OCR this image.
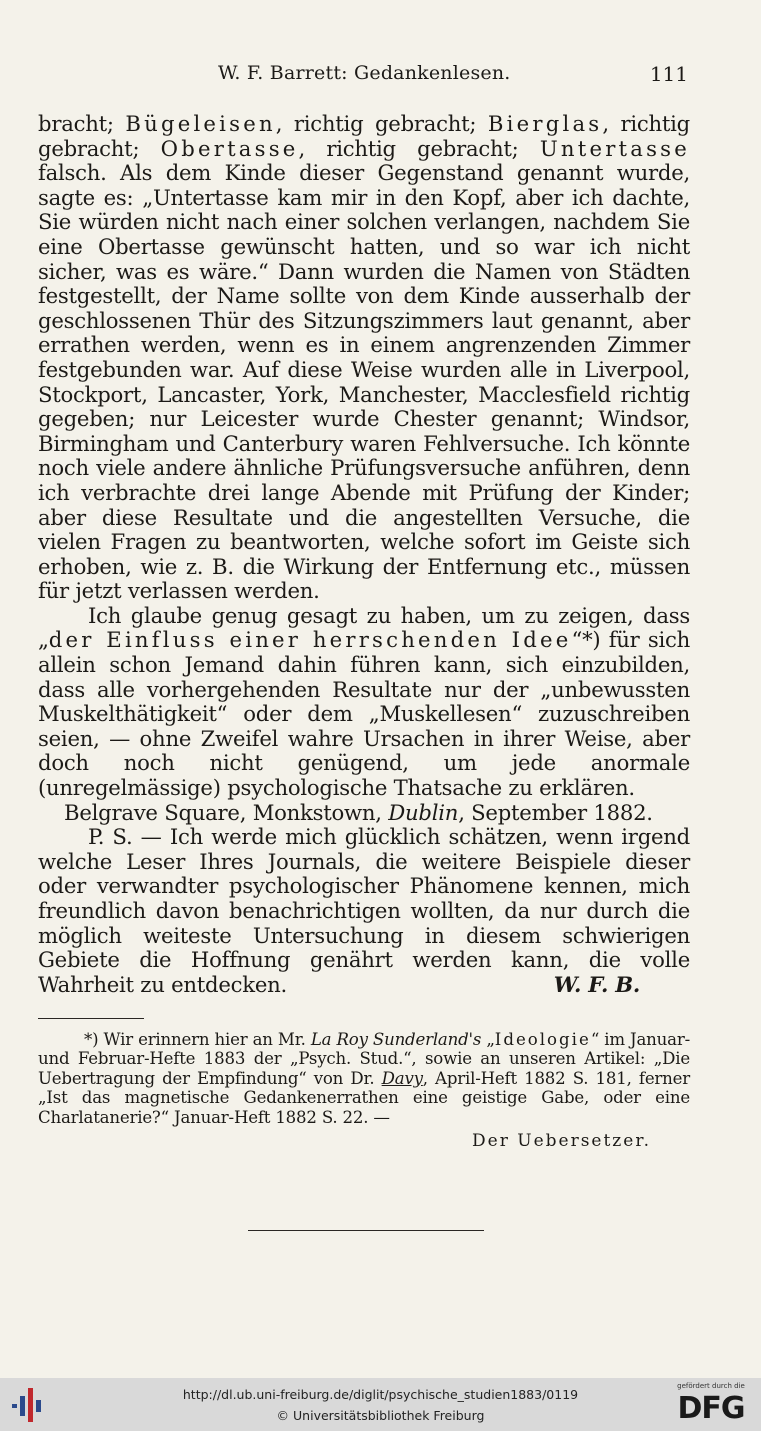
W. F. Barrett: Gedankenlesen.	111

bracht; Bügeleisen, richtig gebracht; Bierglas, richtig gebracht; Obertasse, richtig gebracht; Untertasse falsch. Als dem Kinde dieser Gegenstand genannt wurde, sagte es: „Untertasse kam mir in den Kopf, aber ich dachte, Sie würden nicht nach einer solchen verlangen, nachdem Sie eine Obertasse gewünscht hatten, und so war ich nicht sicher, was es wäre.“ Dann wurden die Namen von Städten festgestellt, der Name sollte von dem Kinde ausserhalb der geschlossenen Thür des Sitzungszimmers laut genannt, aber errathen werden, wenn es in einem angrenzenden Zimmer festgebunden war. Auf diese Weise wurden alle in Liverpool, Stockport, Lancaster, York, Manchester, Macclesfield richtig gegeben; nur Leicester wurde Chester genannt; Windsor, Birmingham und Canterbury waren Fehlversuche. Ich könnte noch viele andere ähnliche Prüfungsversuche anführen, denn ich verbrachte drei lange Abende mit Prüfung der Kinder; aber diese Resultate und die angestellten Versuche, die vielen Fragen zu beantworten, welche sofort im Geiste sich erhoben, wie z. B. die Wirkung der Entfernung etc., müssen für jetzt verlassen werden.

Ich glaube genug gesagt zu haben, um zu zeigen, dass „der Einfluss einer herrschenden Idee“*) für sich allein schon Jemand dahin führen kann, sich einzubilden, dass alle vorhergehenden Resultate nur der „unbewussten Muskelthätigkeit“ oder dem „Muskellesen“ zuzuschreiben seien, — ohne Zweifel wahre Ursachen in ihrer Weise, aber doch noch nicht genügend, um jede anormale (unregelmässige) psychologische Thatsache zu erklären.

Belgrave Square, Monkstown, Dublin, September 1882.

P. S. — Ich werde mich glücklich schätzen, wenn irgend welche Leser Ihres Journals, die weitere Beispiele dieser oder verwandter psychologischer Phänomene kennen, mich freundlich davon benachrichtigen wollten, da nur durch die möglich weiteste Untersuchung in diesem schwierigen Gebiete die Hoffnung genährt werden kann, die volle Wahrheit zu entdecken.	W. F. B.

*) Wir erinnern hier an Mr. La Roy Sunderland's „Ideologie“ im Januar- und Februar-Hefte 1883 der „Psych. Stud.“, sowie an unseren Artikel: „Die Uebertragung der Empfindung“ von Dr. Davy, April-Heft 1882 S. 181, ferner „Ist das magnetische Gedankenerrathen eine geistige Gabe, oder eine Charlatanerie?“ Januar-Heft 1882 S. 22. —

Der Uebersetzer.
http://dl.ub.uni-freiburg.de/diglit/psychische_studien1883/0119
© Universitätsbibliothek Freiburg
gefördert durch die
DFG
